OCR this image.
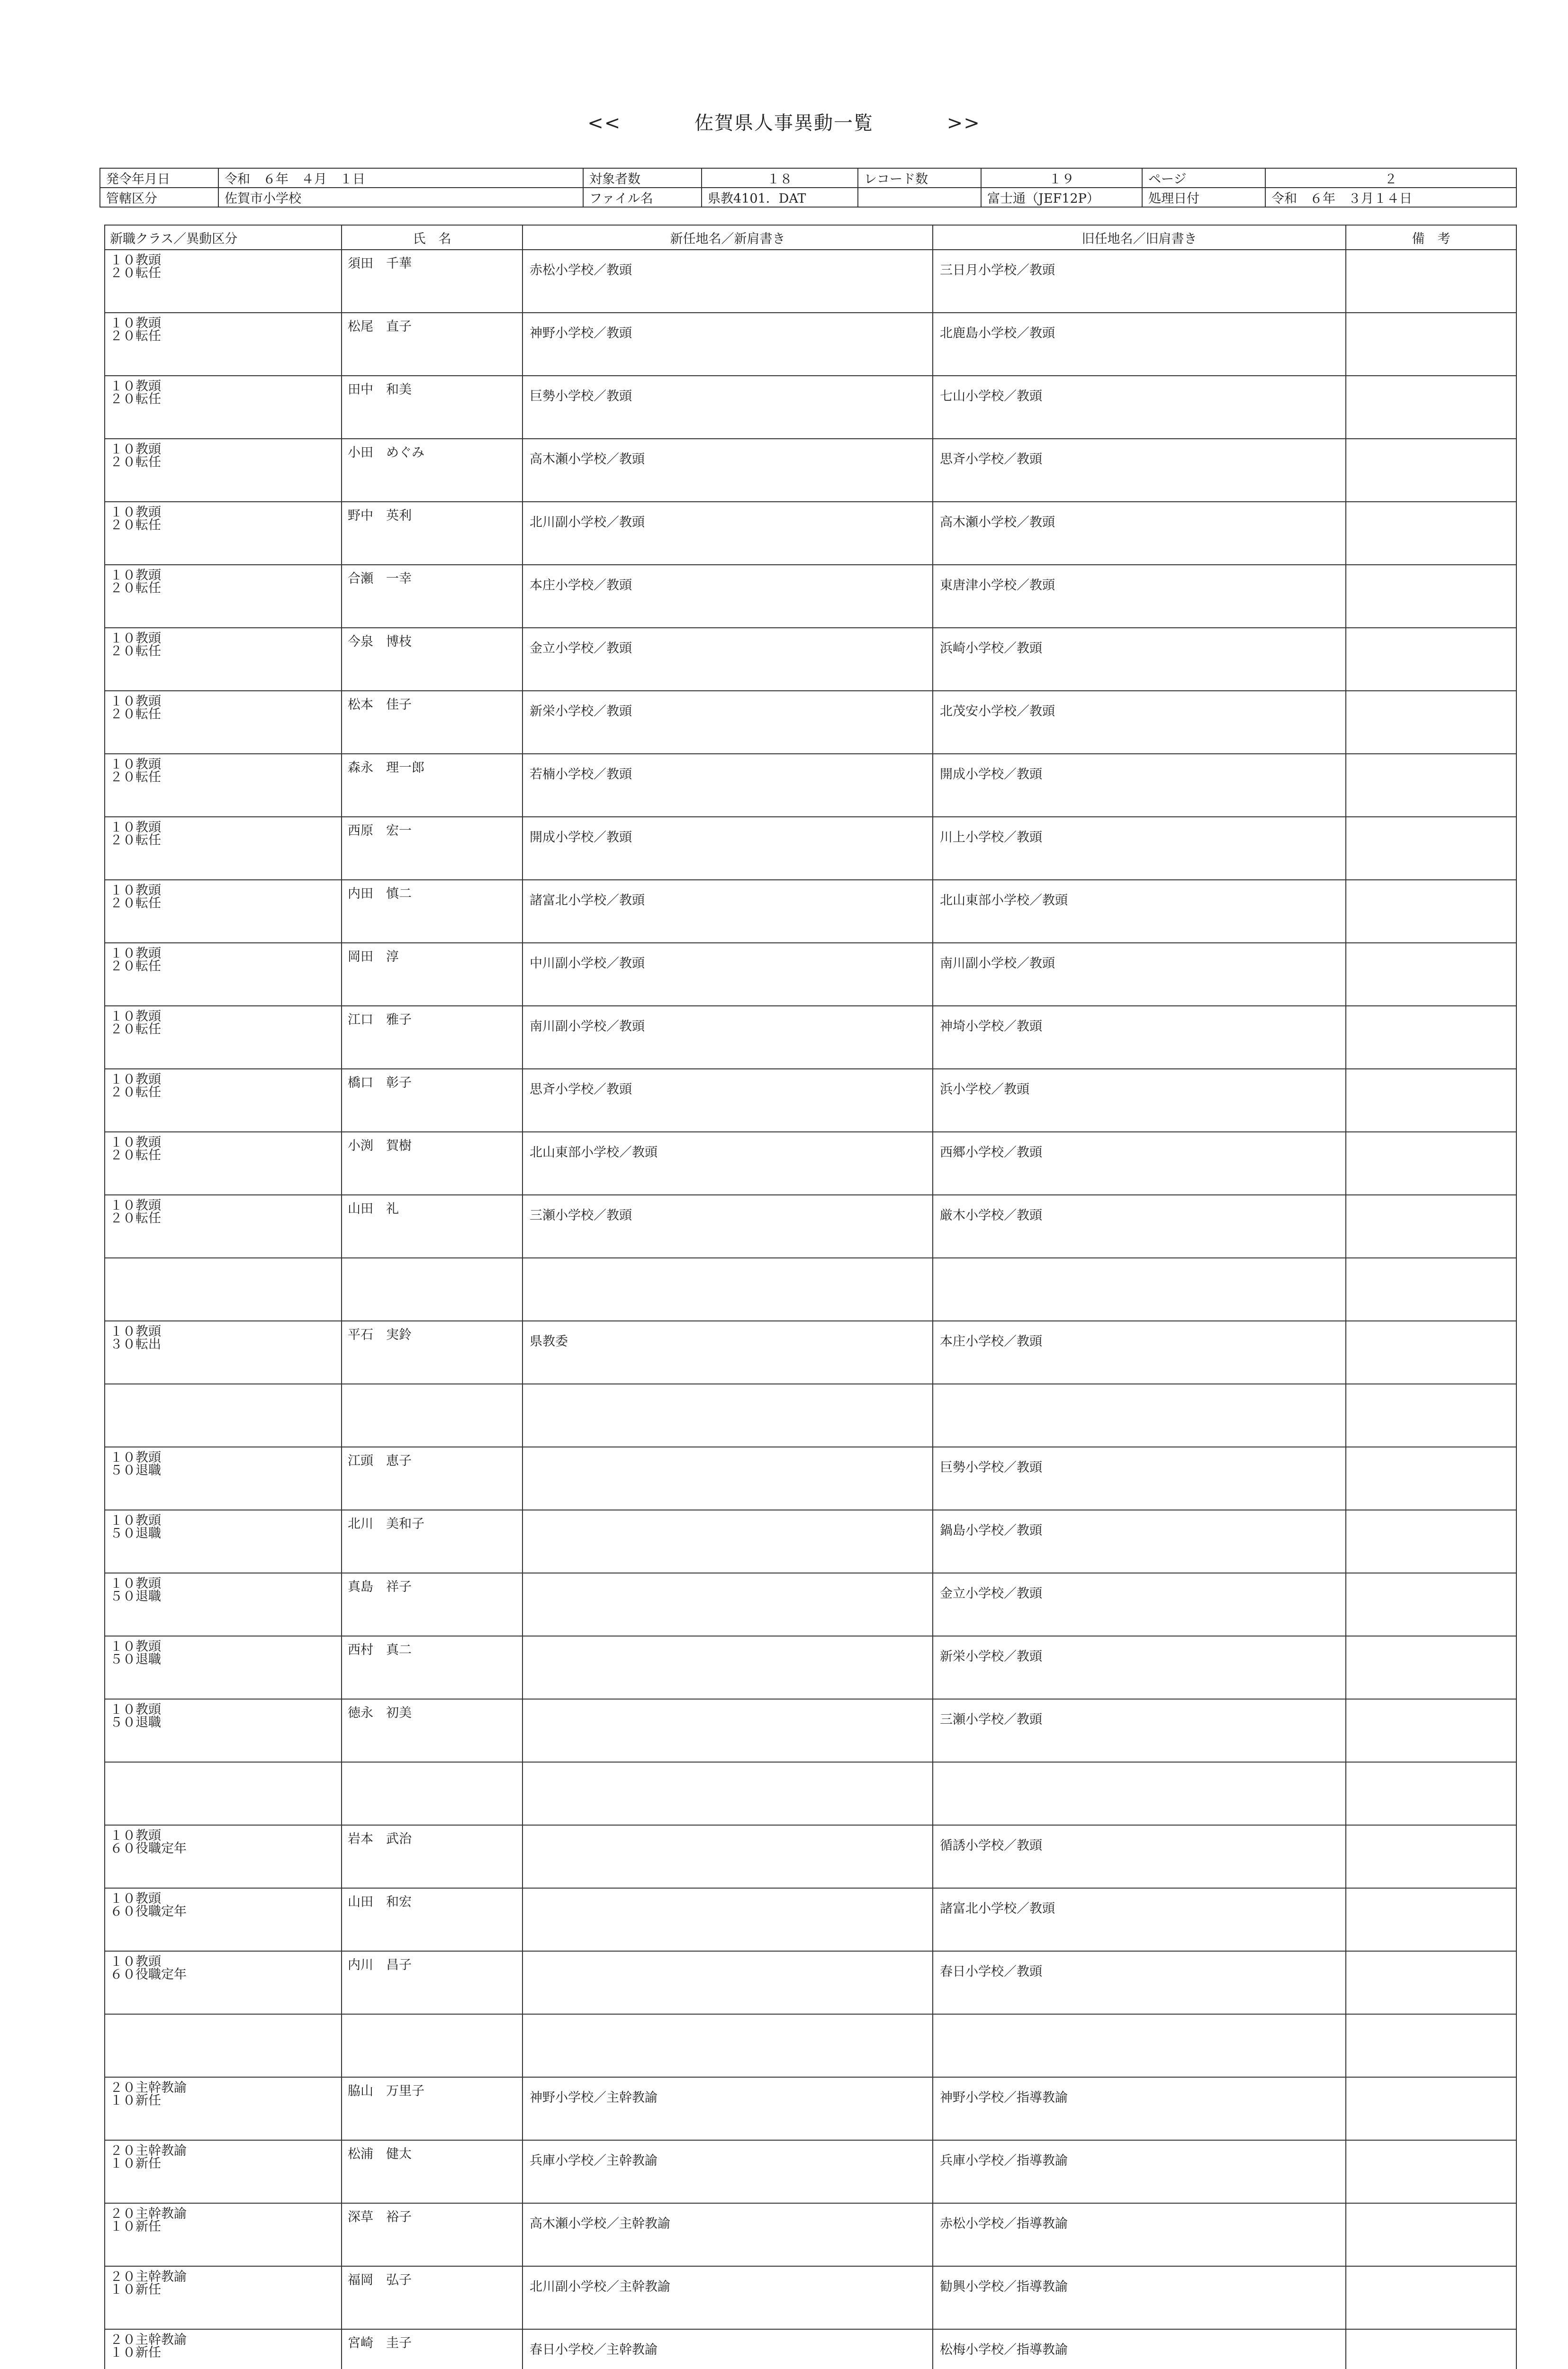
<<	佐賀県人事異動一覧	>>
発令年月日	令和　６年　４月　１日	対象者数	１８	レコード数	１９	ページ	２
管轄区分	佐賀市小学校	ファイル名	県教4101．DAT		富士通（JEF12P）	処理日付	令和　６年　３月１４日
新職クラス／異動区分	氏　名	新任地名／新肩書き	旧任地名／旧肩書き	備　考
１０教頭
２０転任	須田　千華	赤松小学校／教頭	三日月小学校／教頭	
１０教頭
２０転任	松尾　直子	神野小学校／教頭	北鹿島小学校／教頭	
１０教頭
２０転任	田中　和美	巨勢小学校／教頭	七山小学校／教頭	
１０教頭
２０転任	小田　めぐみ	高木瀬小学校／教頭	思斉小学校／教頭	
１０教頭
２０転任	野中　英利	北川副小学校／教頭	高木瀬小学校／教頭	
１０教頭
２０転任	合瀬　一幸	本庄小学校／教頭	東唐津小学校／教頭	
１０教頭
２０転任	今泉　博枝	金立小学校／教頭	浜崎小学校／教頭	
１０教頭
２０転任	松本　佳子	新栄小学校／教頭	北茂安小学校／教頭	
１０教頭
２０転任	森永　理一郎	若楠小学校／教頭	開成小学校／教頭	
１０教頭
２０転任	西原　宏一	開成小学校／教頭	川上小学校／教頭	
１０教頭
２０転任	内田　慎二	諸富北小学校／教頭	北山東部小学校／教頭	
１０教頭
２０転任	岡田　淳	中川副小学校／教頭	南川副小学校／教頭	
１０教頭
２０転任	江口　雅子	南川副小学校／教頭	神埼小学校／教頭	
１０教頭
２０転任	橋口　彰子	思斉小学校／教頭	浜小学校／教頭	
１０教頭
２０転任	小渕　賀樹	北山東部小学校／教頭	西郷小学校／教頭	
１０教頭
２０転任	山田　礼	三瀬小学校／教頭	厳木小学校／教頭	

１０教頭
３０転出	平石　実鈴	県教委	本庄小学校／教頭	

１０教頭
５０退職	江頭　恵子		巨勢小学校／教頭	
１０教頭
５０退職	北川　美和子		鍋島小学校／教頭	
１０教頭
５０退職	真島　祥子		金立小学校／教頭	
１０教頭
５０退職	西村　真二		新栄小学校／教頭	
１０教頭
５０退職	徳永　初美		三瀬小学校／教頭	

１０教頭
６０役職定年	岩本　武治		循誘小学校／教頭	
１０教頭
６０役職定年	山田　和宏		諸富北小学校／教頭	
１０教頭
６０役職定年	内川　昌子		春日小学校／教頭	

２０主幹教諭
１０新任	脇山　万里子	神野小学校／主幹教諭	神野小学校／指導教諭	
２０主幹教諭
１０新任	松浦　健太	兵庫小学校／主幹教諭	兵庫小学校／指導教諭	
２０主幹教諭
１０新任	深草　裕子	高木瀬小学校／主幹教諭	赤松小学校／指導教諭	
２０主幹教諭
１０新任	福岡　弘子	北川副小学校／主幹教諭	勧興小学校／指導教諭	
２０主幹教諭
１０新任	宮崎　圭子	春日小学校／主幹教諭	松梅小学校／指導教諭	
